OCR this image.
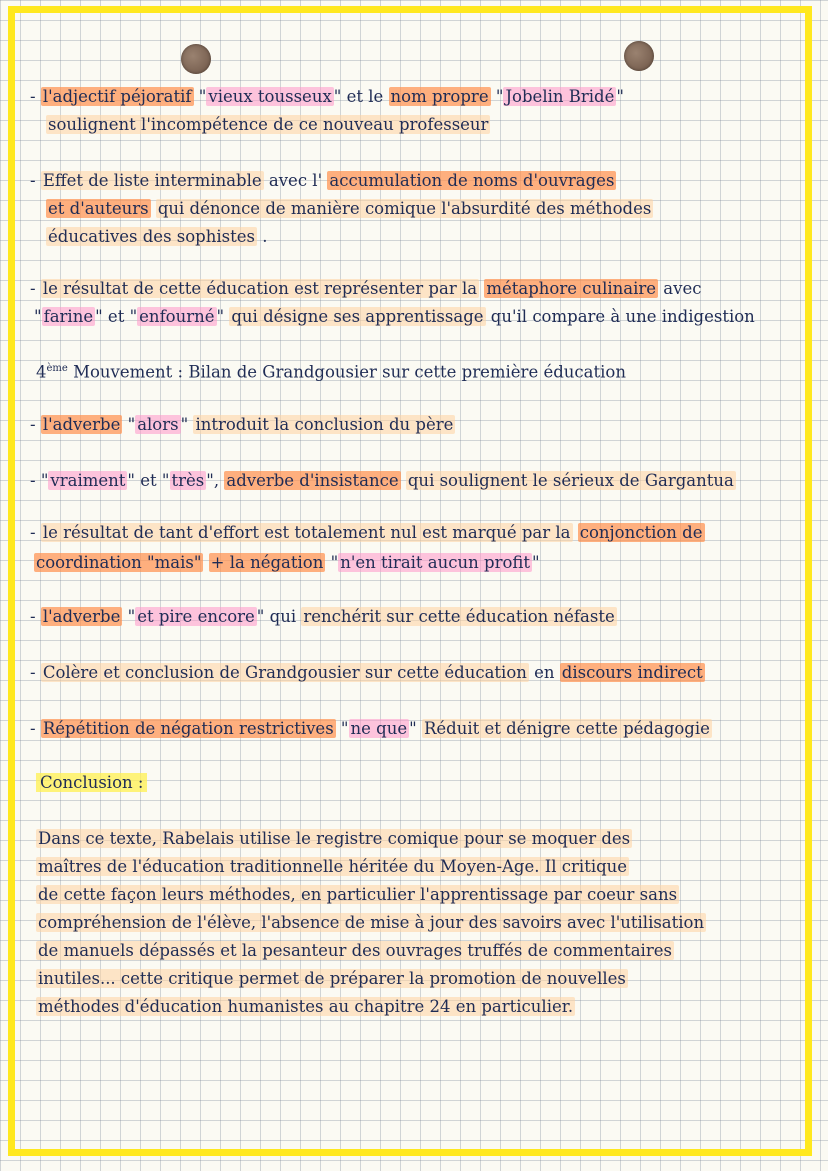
- l'adjectif péjoratif " vieux tousseux " et le nom propre " Jobelin Bridé "
soulignent l'incompétence de ce nouveau professeur
- Effet de liste interminable avec l' accumulation de noms d'ouvrages
et d'auteurs qui dénonce de manière comique l'absurdité des méthodes
éducatives des sophistes .
- le résultat de cette éducation est représenter par la métaphore culinaire avec
" farine " et " enfourné " qui désigne ses apprentissage qu'il compare à une indigestion
4ème Mouvement : Bilan de Grandgousier sur cette première éducation
- l'adverbe " alors " introduit la conclusion du père
- " vraiment " et " très ", adverbe d'insistance qui soulignent le sérieux de Gargantua
- le résultat de tant d'effort est totalement nul est marqué par la conjonction de
coordination "mais" + la négation " n'en tirait aucun profit "
- l'adverbe " et pire encore " qui renchérit sur cette éducation néfaste
- Colère et conclusion de Grandgousier sur cette éducation en discours indirect
- Répétition de négation restrictives " ne que " Réduit et dénigre cette pédagogie
Conclusion :
Dans ce texte, Rabelais utilise le registre comique pour se moquer des
maîtres de l'éducation traditionnelle héritée du Moyen-Age. Il critique
de cette façon leurs méthodes, en particulier l'apprentissage par coeur sans
compréhension de l'élève, l'absence de mise à jour des savoirs avec l'utilisation
de manuels dépassés et la pesanteur des ouvrages truffés de commentaires
inutiles... cette critique permet de préparer la promotion de nouvelles
méthodes d'éducation humanistes au chapitre 24 en particulier.
